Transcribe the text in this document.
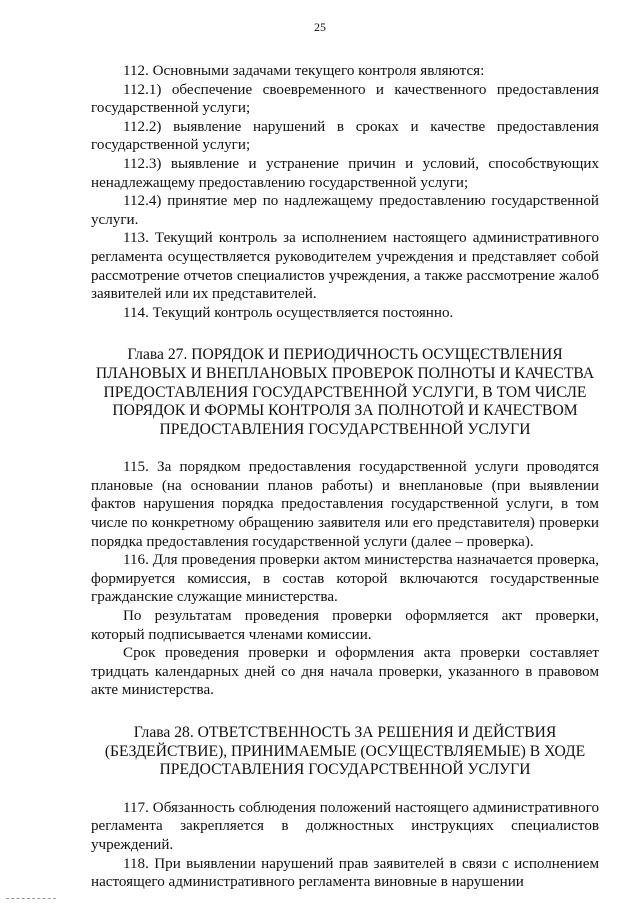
25

112. Основными задачами текущего контроля являются:

112.1) обеспечение своевременного и качественного предоставления государственной услуги;

112.2) выявление нарушений в сроках и качестве предоставления государственной услуги;

112.3) выявление и устранение причин и условий, способствующих ненадлежащему предоставлению государственной услуги;

112.4) принятие мер по надлежащему предоставлению государственной услуги.

113. Текущий контроль за исполнением настоящего административного регламента осуществляется руководителем учреждения и представляет собой рассмотрение отчетов специалистов учреждения, а также рассмотрение жалоб заявителей или их представителей.

114. Текущий контроль осуществляется постоянно.

Глава 27. ПОРЯДОК И ПЕРИОДИЧНОСТЬ ОСУЩЕСТВЛЕНИЯ
ПЛАНОВЫХ И ВНЕПЛАНОВЫХ ПРОВЕРОК ПОЛНОТЫ И КАЧЕСТВА
ПРЕДОСТАВЛЕНИЯ ГОСУДАРСТВЕННОЙ УСЛУГИ, В ТОМ ЧИСЛЕ
ПОРЯДОК И ФОРМЫ КОНТРОЛЯ ЗА ПОЛНОТОЙ И КАЧЕСТВОМ
ПРЕДОСТАВЛЕНИЯ ГОСУДАРСТВЕННОЙ УСЛУГИ

115. За порядком предоставления государственной услуги проводятся плановые (на основании планов работы) и внеплановые (при выявлении фактов нарушения порядка предоставления государственной услуги, в том числе по конкретному обращению заявителя или его представителя) проверки порядка предоставления государственной услуги (далее – проверка).

116. Для проведения проверки актом министерства назначается проверка, формируется комиссия, в состав которой включаются государственные гражданские служащие министерства.

По результатам проведения проверки оформляется акт проверки, который подписывается членами комиссии.

Срок проведения проверки и оформления акта проверки составляет тридцать календарных дней со дня начала проверки, указанного в правовом акте министерства.

Глава 28. ОТВЕТСТВЕННОСТЬ ЗА РЕШЕНИЯ И ДЕЙСТВИЯ
(БЕЗДЕЙСТВИЕ), ПРИНИМАЕМЫЕ (ОСУЩЕСТВЛЯЕМЫЕ) В ХОДЕ
ПРЕДОСТАВЛЕНИЯ ГОСУДАРСТВЕННОЙ УСЛУГИ

117. Обязанность соблюдения положений настоящего административного регламента закрепляется в должностных инструкциях специалистов учреждений.

118. При выявлении нарушений прав заявителей в связи с исполнением настоящего административного регламента виновные в нарушении
